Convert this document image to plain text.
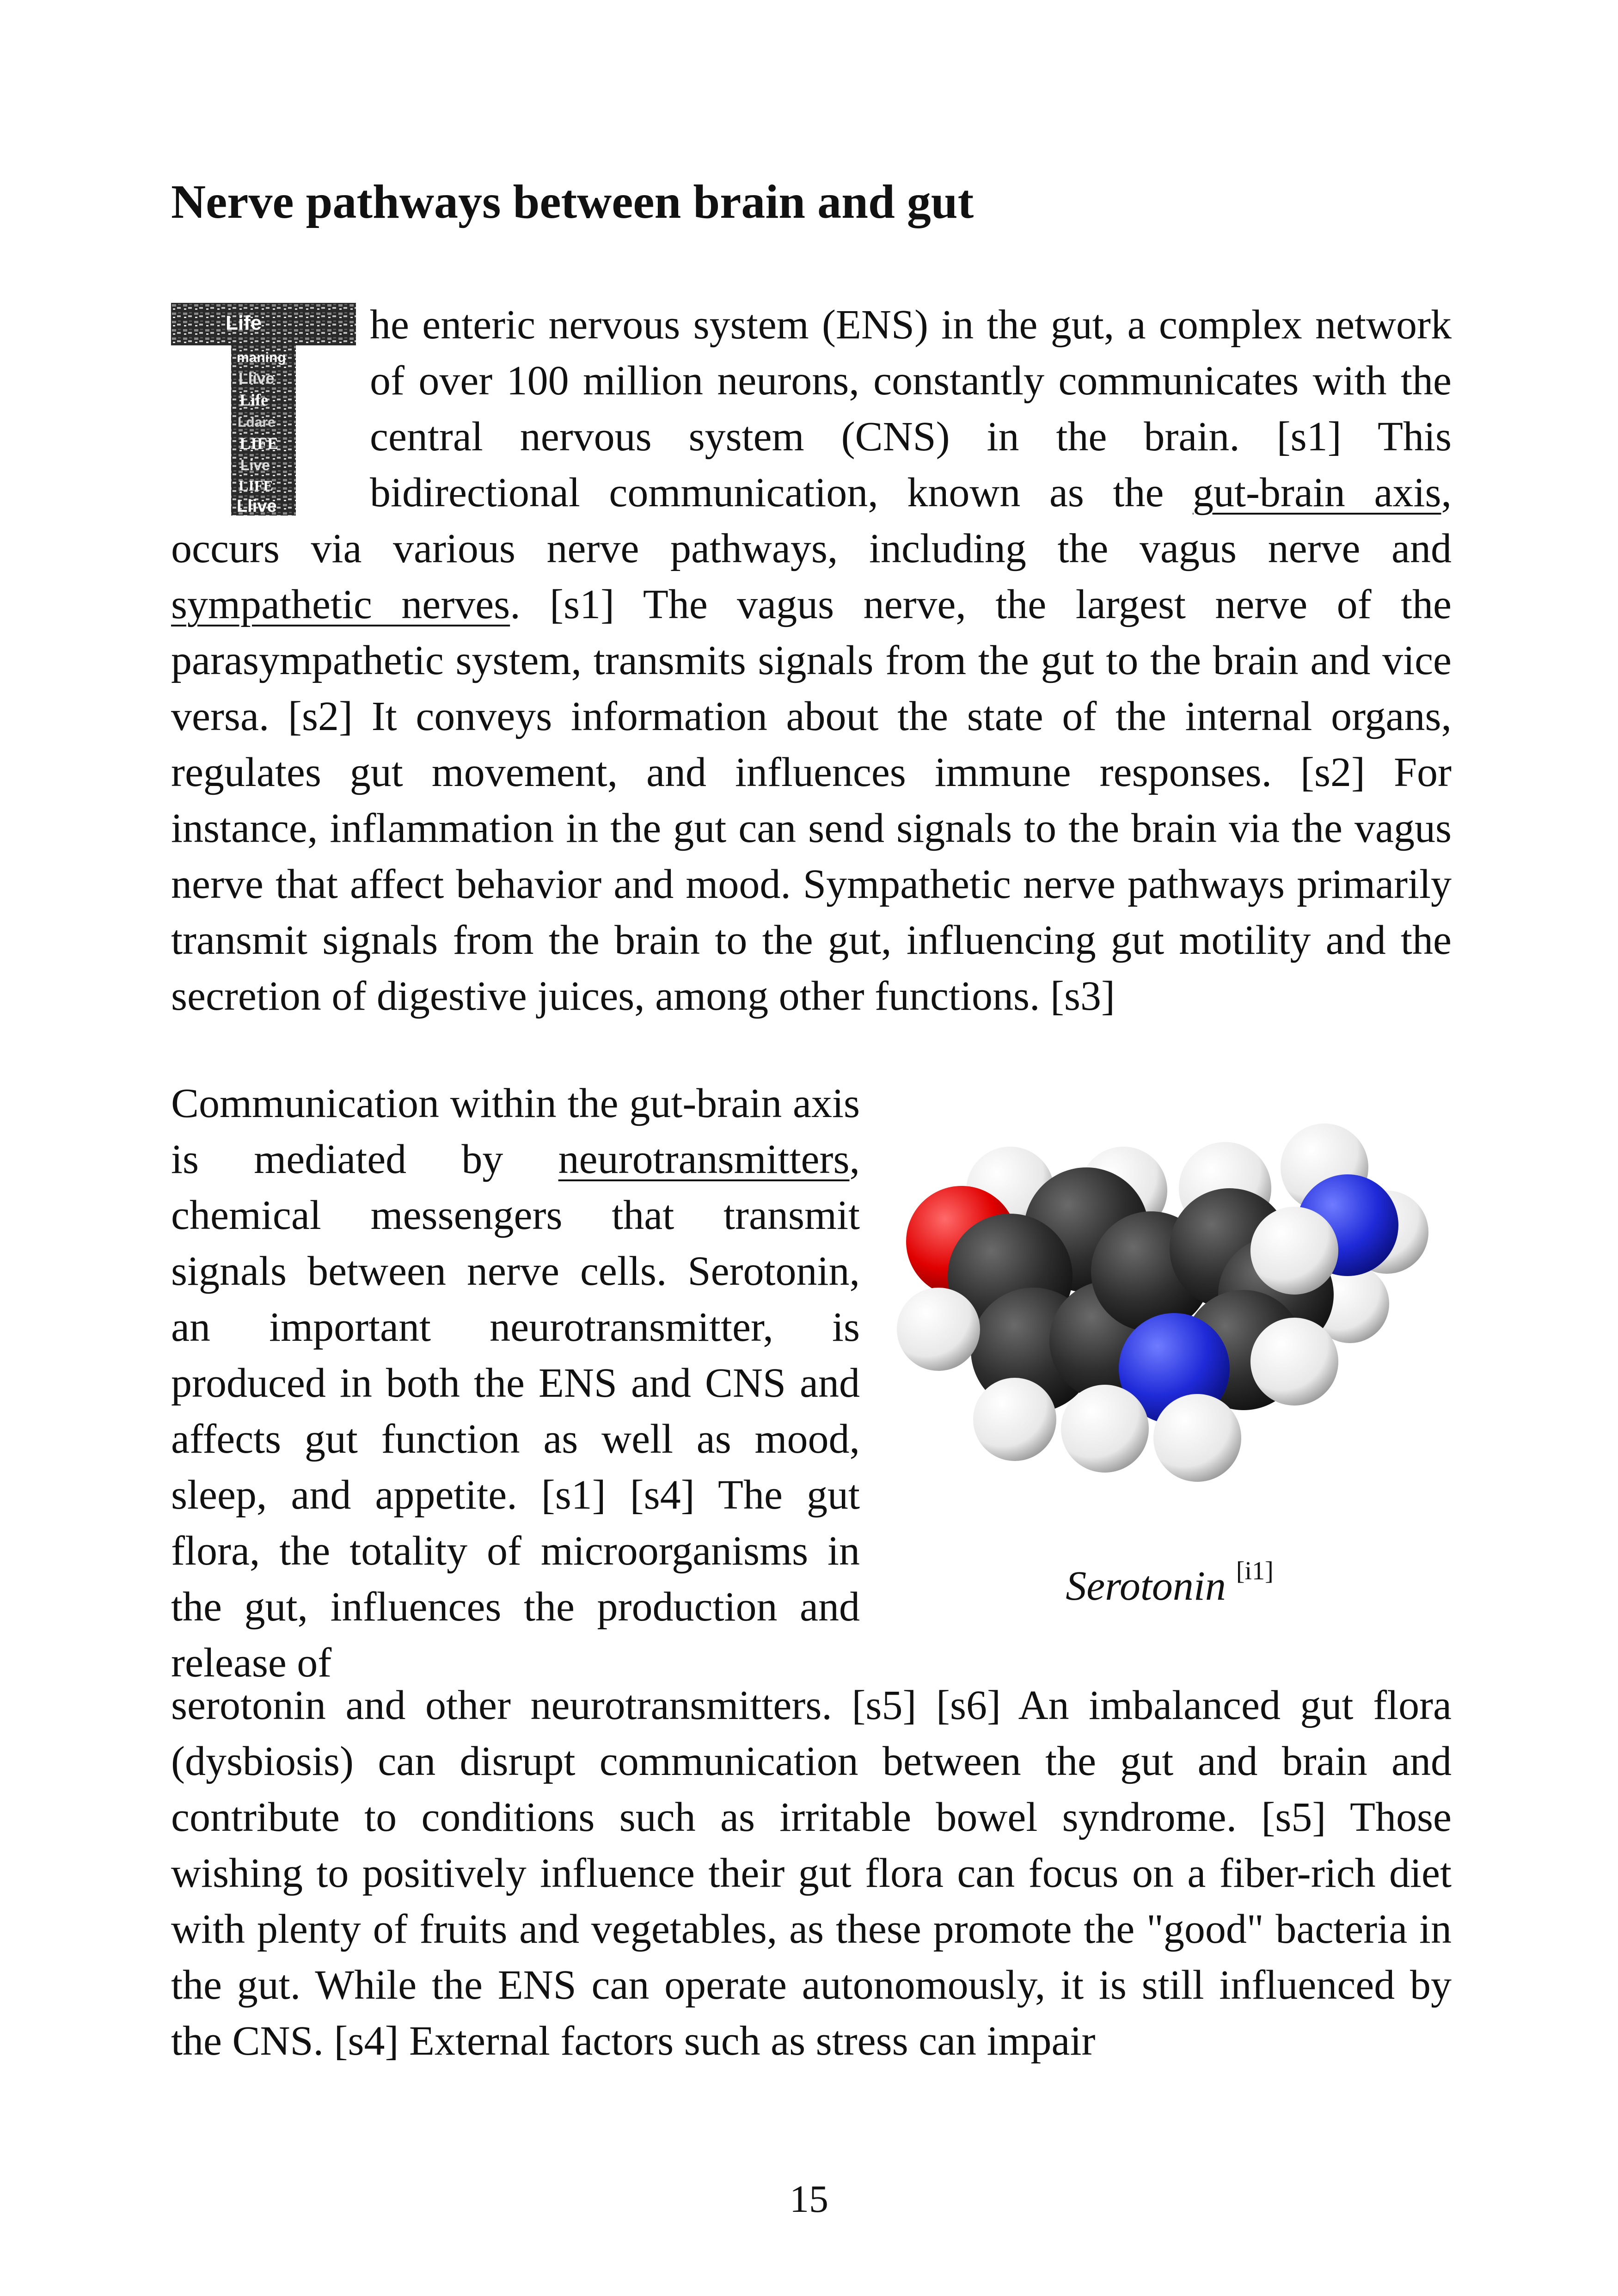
Nerve pathways between brain and gut
Life
maning
Llive
Life
Ldare
LIFE
Live
LIFE
Llive

he enteric nervous system (ENS) in the gut, a complex network of over 100 million neurons, constantly communicates with the central nervous system (CNS) in the brain. [s1] This bidirectional communication, known as the gut-brain axis, occurs via various nerve pathways, including the vagus nerve and sympathetic nerves. [s1] The vagus nerve, the largest nerve of the parasympathetic system, transmits signals from the gut to the brain and vice versa. [s2] It conveys information about the state of the internal organs, regulates gut movement, and influences immune responses. [s2] For instance, inflammation in the gut can send signals to the brain via the vagus nerve that affect behavior and mood. Sympathetic nerve pathways primarily transmit signals from the brain to the gut, influencing gut motility and the secretion of digestive juices, among other functions. [s3]

Communication within the gut-brain axis is mediated by neurotransmitters, chemical messengers that transmit signals between nerve cells. Serotonin, an important neurotransmitter, is produced in both the ENS and CNS and affects gut function as well as mood, sleep, and appetite. [s1] [s4] The gut flora, the totality of microorganisms in the gut, influences the production and release of

Serotonin [i1]

serotonin and other neurotransmitters. [s5] [s6] An imbalanced gut flora (dysbiosis) can disrupt communication between the gut and brain and contribute to conditions such as irritable bowel syndrome. [s5] Those wishing to positively influence their gut flora can focus on a fiber-rich diet with plenty of fruits and vegetables, as these promote the "good" bacteria in the gut. While the ENS can operate autonomously, it is still influenced by the CNS. [s4] External factors such as stress can impair

15
